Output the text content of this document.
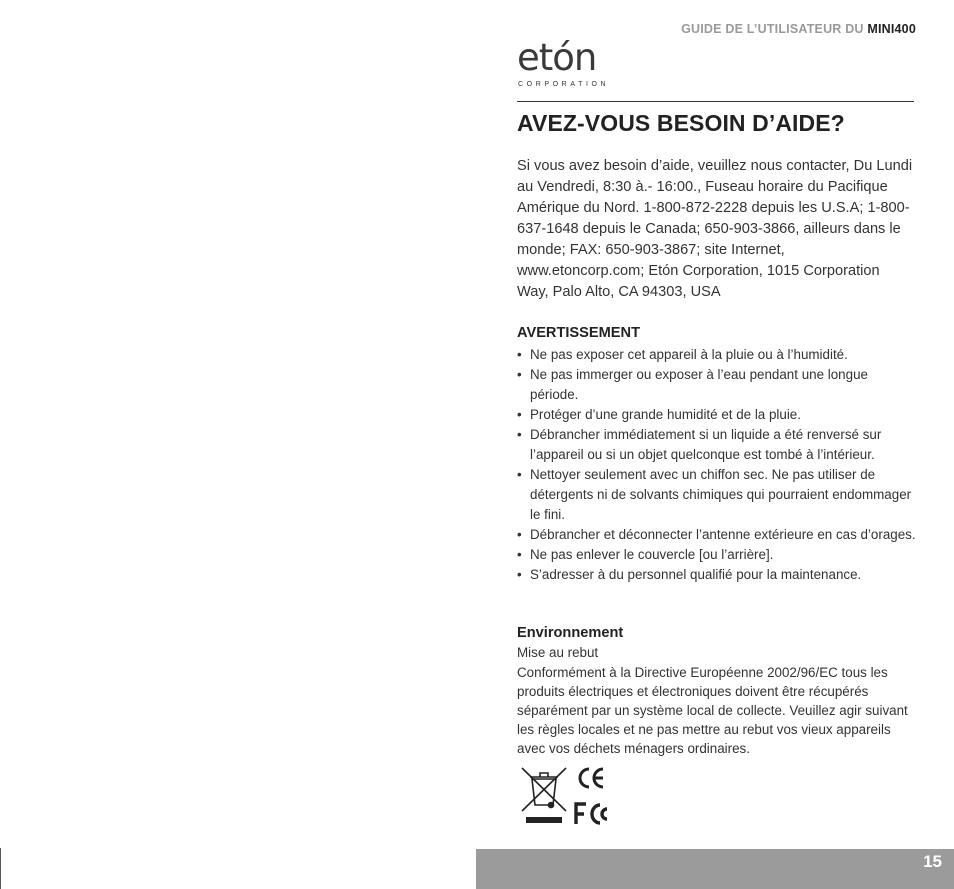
GUIDE DE L’UTILISATEUR DU MINI400
etón
CORPORATION
AVEZ-VOUS BESOIN D’AIDE?

Si vous avez besoin d’aide, veuillez nous contacter, Du Lundi au Vendredi, 8:30 à.- 16:00., Fuseau horaire du Pacifique Amérique du Nord. 1-800-872-2228 depuis les U.S.A; 1-800-637-1648 depuis le Canada; 650-903-3866, ailleurs dans le monde; FAX: 650-903-3867; site Internet, www.etoncorp.com; Etón Corporation, 1015 Corporation Way, Palo Alto, CA 94303, USA

AVERTISSEMENT
• Ne pas exposer cet appareil à la pluie ou à l’humidité.
• Ne pas immerger ou exposer à l’eau pendant une longue période.
• Protéger d’une grande humidité et de la pluie.
• Débrancher immédiatement si un liquide a été renversé sur l’appareil ou si un objet quelconque est tombé à l’intérieur.
• Nettoyer seulement avec un chiffon sec. Ne pas utiliser de détergents ni de solvants chimiques qui pourraient endommager le fini.
• Débrancher et déconnecter l’antenne extérieure en cas d’orages.
• Ne pas enlever le couvercle [ou l’arrière].
• S’adresser à du personnel qualifié pour la maintenance.
Environnement

Mise au rebut

Conformément à la Directive Européenne 2002/96/EC tous les produits électriques et électroniques doivent être récupérés séparément par un système local de collecte. Veuillez agir suivant les règles locales et ne pas mettre au rebut vos vieux appareils avec vos déchets ménagers ordinaires.

15
